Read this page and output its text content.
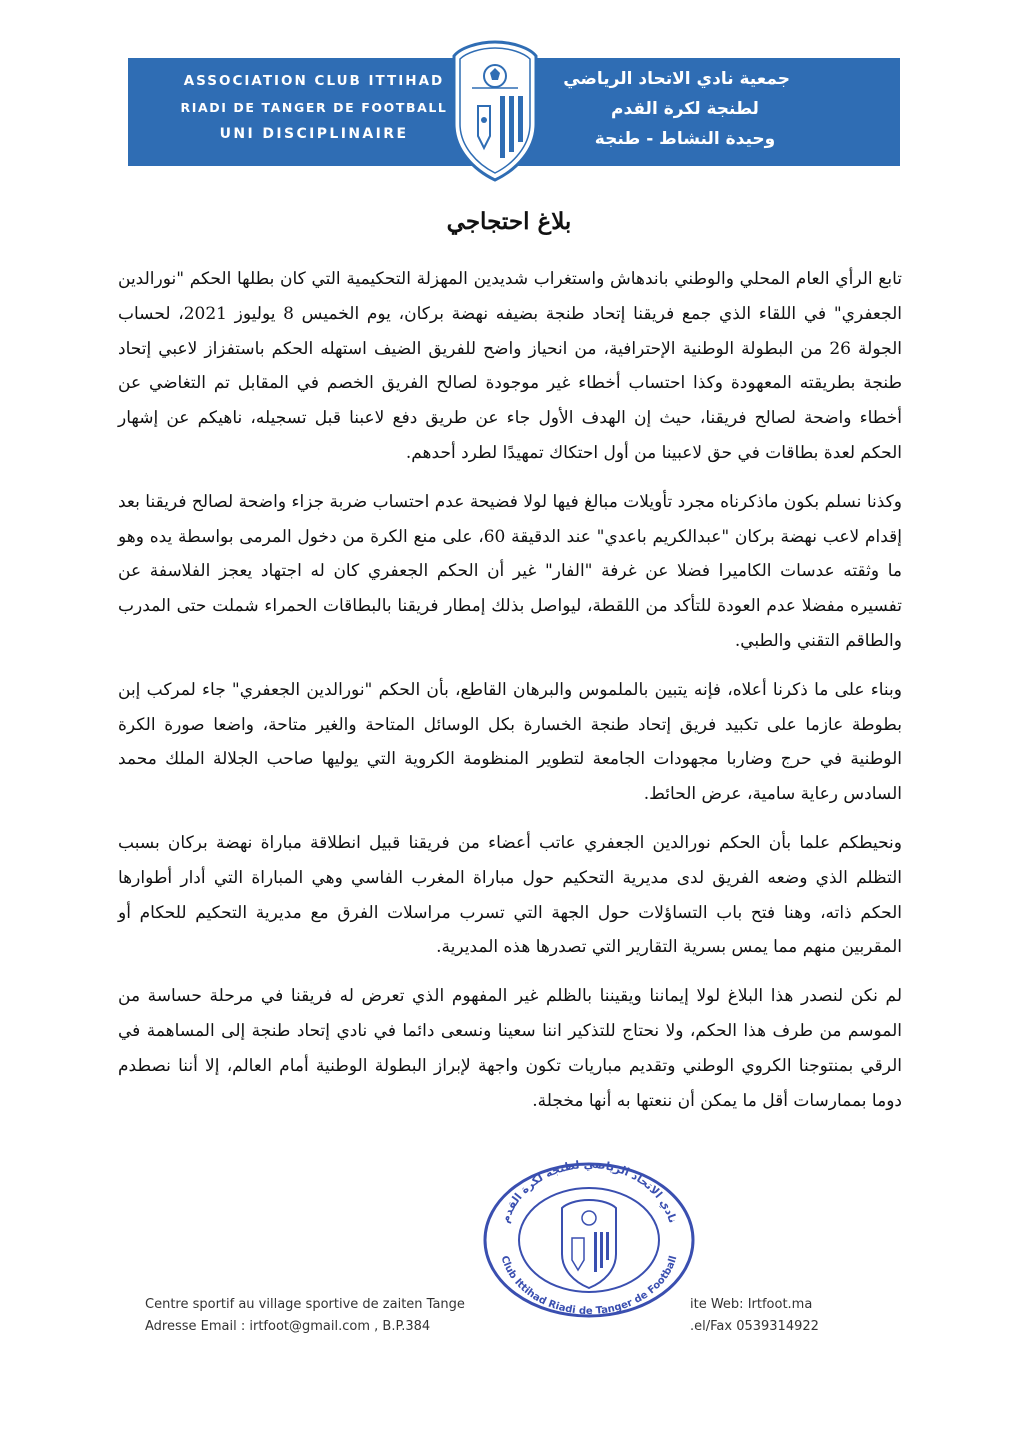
ASSOCIATION CLUB ITTIHAD
RIADI DE TANGER DE FOOTBALL
UNI DISCIPLINAIRE
جمعية نادي الاتحاد الرياضي
لطنجة لكرة القدم
وحيدة النشاط - طنجة
بلاغ احتجاجي

تابع الرأي العام المحلي والوطني باندهاش واستغراب شديدين المهزلة التحكيمية التي كان بطلها الحكم "نورالدين الجعفري" في اللقاء الذي جمع فريقنا إتحاد طنجة بضيفه نهضة بركان، يوم الخميس 8 يوليوز 2021، لحساب الجولة 26 من البطولة الوطنية الإحترافية، من انحياز واضح للفريق الضيف استهله الحكم باستفزاز لاعبي إتحاد طنجة بطريقته المعهودة وكذا احتساب أخطاء غير موجودة لصالح الفريق الخصم في المقابل تم التغاضي عن أخطاء واضحة لصالح فريقنا، حيث إن الهدف الأول جاء عن طريق دفع لاعبنا قبل تسجيله، ناهيكم عن إشهار الحكم لعدة بطاقات في حق لاعبينا من أول احتكاك تمهيدًا لطرد أحدهم.

وكذنا نسلم بكون ماذكرناه مجرد تأويلات مبالغ فيها لولا فضيحة عدم احتساب ضربة جزاء واضحة لصالح فريقنا بعد إقدام لاعب نهضة بركان "عبدالكريم باعدي" عند الدقيقة 60، على منع الكرة من دخول المرمى بواسطة يده وهو ما وثقته عدسات الكاميرا فضلا عن غرفة "الفار" غير أن الحكم الجعفري كان له اجتهاد يعجز الفلاسفة عن تفسيره مفضلا عدم العودة للتأكد من اللقطة، ليواصل بذلك إمطار فريقنا بالبطاقات الحمراء شملت حتى المدرب والطاقم التقني والطبي.

وبناء على ما ذكرنا أعلاه، فإنه يتبين بالملموس والبرهان القاطع، بأن الحكم "نورالدين الجعفري" جاء لمركب إبن بطوطة عازما على تكبيد فريق إتحاد طنجة الخسارة بكل الوسائل المتاحة والغير متاحة، واضعا صورة الكرة الوطنية في حرج وضاربا مجهودات الجامعة لتطوير المنظومة الكروية التي يوليها صاحب الجلالة الملك محمد السادس رعاية سامية، عرض الحائط.

ونحيطكم علما بأن الحكم نورالدين الجعفري عاتب أعضاء من فريقنا قبيل انطلاقة مباراة نهضة بركان بسبب التظلم الذي وضعه الفريق لدى مديرية التحكيم حول مباراة المغرب الفاسي وهي المباراة التي أدار أطوارها الحكم ذاته، وهنا فتح باب التساؤلات حول الجهة التي تسرب مراسلات الفرق مع مديرية التحكيم للحكام أو المقربين منهم مما يمس بسرية التقارير التي تصدرها هذه المديرية.

لم نكن لنصدر هذا البلاغ لولا إيماننا ويقيننا بالظلم غير المفهوم الذي تعرض له فريقنا في مرحلة حساسة من الموسم من طرف هذا الحكم، ولا نحتاج للتذكير اننا سعينا ونسعى دائما في نادي إتحاد طنجة إلى المساهمة في الرقي بمنتوجنا الكروي الوطني وتقديم مباريات تكون واجهة لإبراز البطولة الوطنية أمام العالم، إلا أننا نصطدم دوما بممارسات أقل ما يمكن أن ننعتها به أنها مخجلة.

نادي الاتحاد الرياضي لطنجة لكرة القدم
Club Ittihad Riadi de Tanger de Football
Centre sportif au village sportive de zaiten Tange
Adresse Email : irtfoot@gmail.com , B.P.384
ite Web: Irtfoot.ma
.el/Fax 0539314922
